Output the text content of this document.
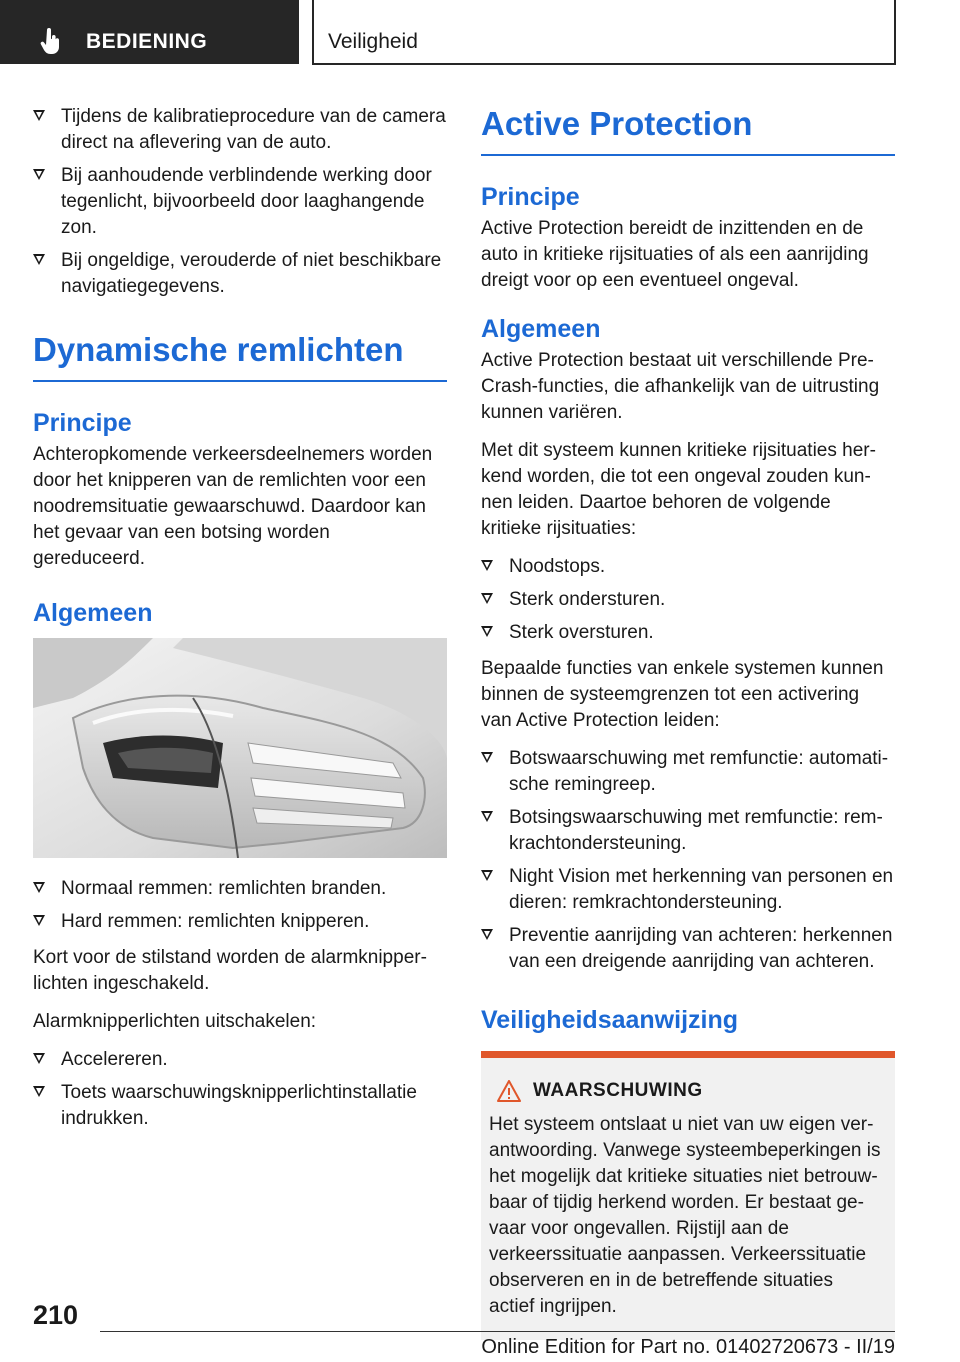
BEDIENING	Veiligheid
Tijdens de kalibratieprocedure van de camera direct na aflevering van de auto.
Bij aanhoudende verblindende werking door tegenlicht, bijvoorbeeld door laaghangende zon.
Bij ongeldige, verouderde of niet beschikbare navigatiegegevens.
Dynamische remlichten
Principe

Achteropkomende verkeersdeelnemers worden door het knipperen van de remlichten voor een noodremsituatie gewaarschuwd. Daardoor kan het gevaar van een botsing worden gereduceerd.

Algemeen
Normaal remmen: remlichten branden.
Hard remmen: remlichten knipperen.

Kort voor de stilstand worden de alarmknipperlichten ingeschakeld.

Alarmknipperlichten uitschakelen:

Accelereren.
Toets waarschuwingsknipperlichtinstallatie indrukken.
Active Protection
Principe

Active Protection bereidt de inzittenden en de auto in kritieke rijsituaties of als een aanrijding dreigt voor op een eventueel ongeval.

Algemeen

Active Protection bestaat uit verschillende Pre-Crash-functies, die afhankelijk van de uitrusting kunnen variëren.

Met dit systeem kunnen kritieke rijsituaties herkend worden, die tot een ongeval zouden kunnen leiden. Daartoe behoren de volgende kritieke rijsituaties:

Noodstops.
Sterk ondersturen.
Sterk oversturen.

Bepaalde functies van enkele systemen kunnen binnen de systeemgrenzen tot een activering van Active Protection leiden:

Botswaarschuwing met remfunctie: automatische remingreep.
Botsingswaarschuwing met remfunctie: remkrachtondersteuning.
Night Vision met herkenning van personen en dieren: remkrachtondersteuning.
Preventie aanrijding van achteren: herkennen van een dreigende aanrijding van achteren.
Veiligheidsaanwijzing
WAARSCHUWING

Het systeem ontslaat u niet van uw eigen verantwoording. Vanwege systeembeperkingen is het mogelijk dat kritieke situaties niet betrouwbaar of tijdig herkend worden. Er bestaat gevaar voor ongevallen. Rijstijl aan de verkeerssituatie aanpassen. Verkeerssituatie observeren en in de betreffende situaties actief ingrijpen.

210
Online Edition for Part no. 01402720673 - II/19
